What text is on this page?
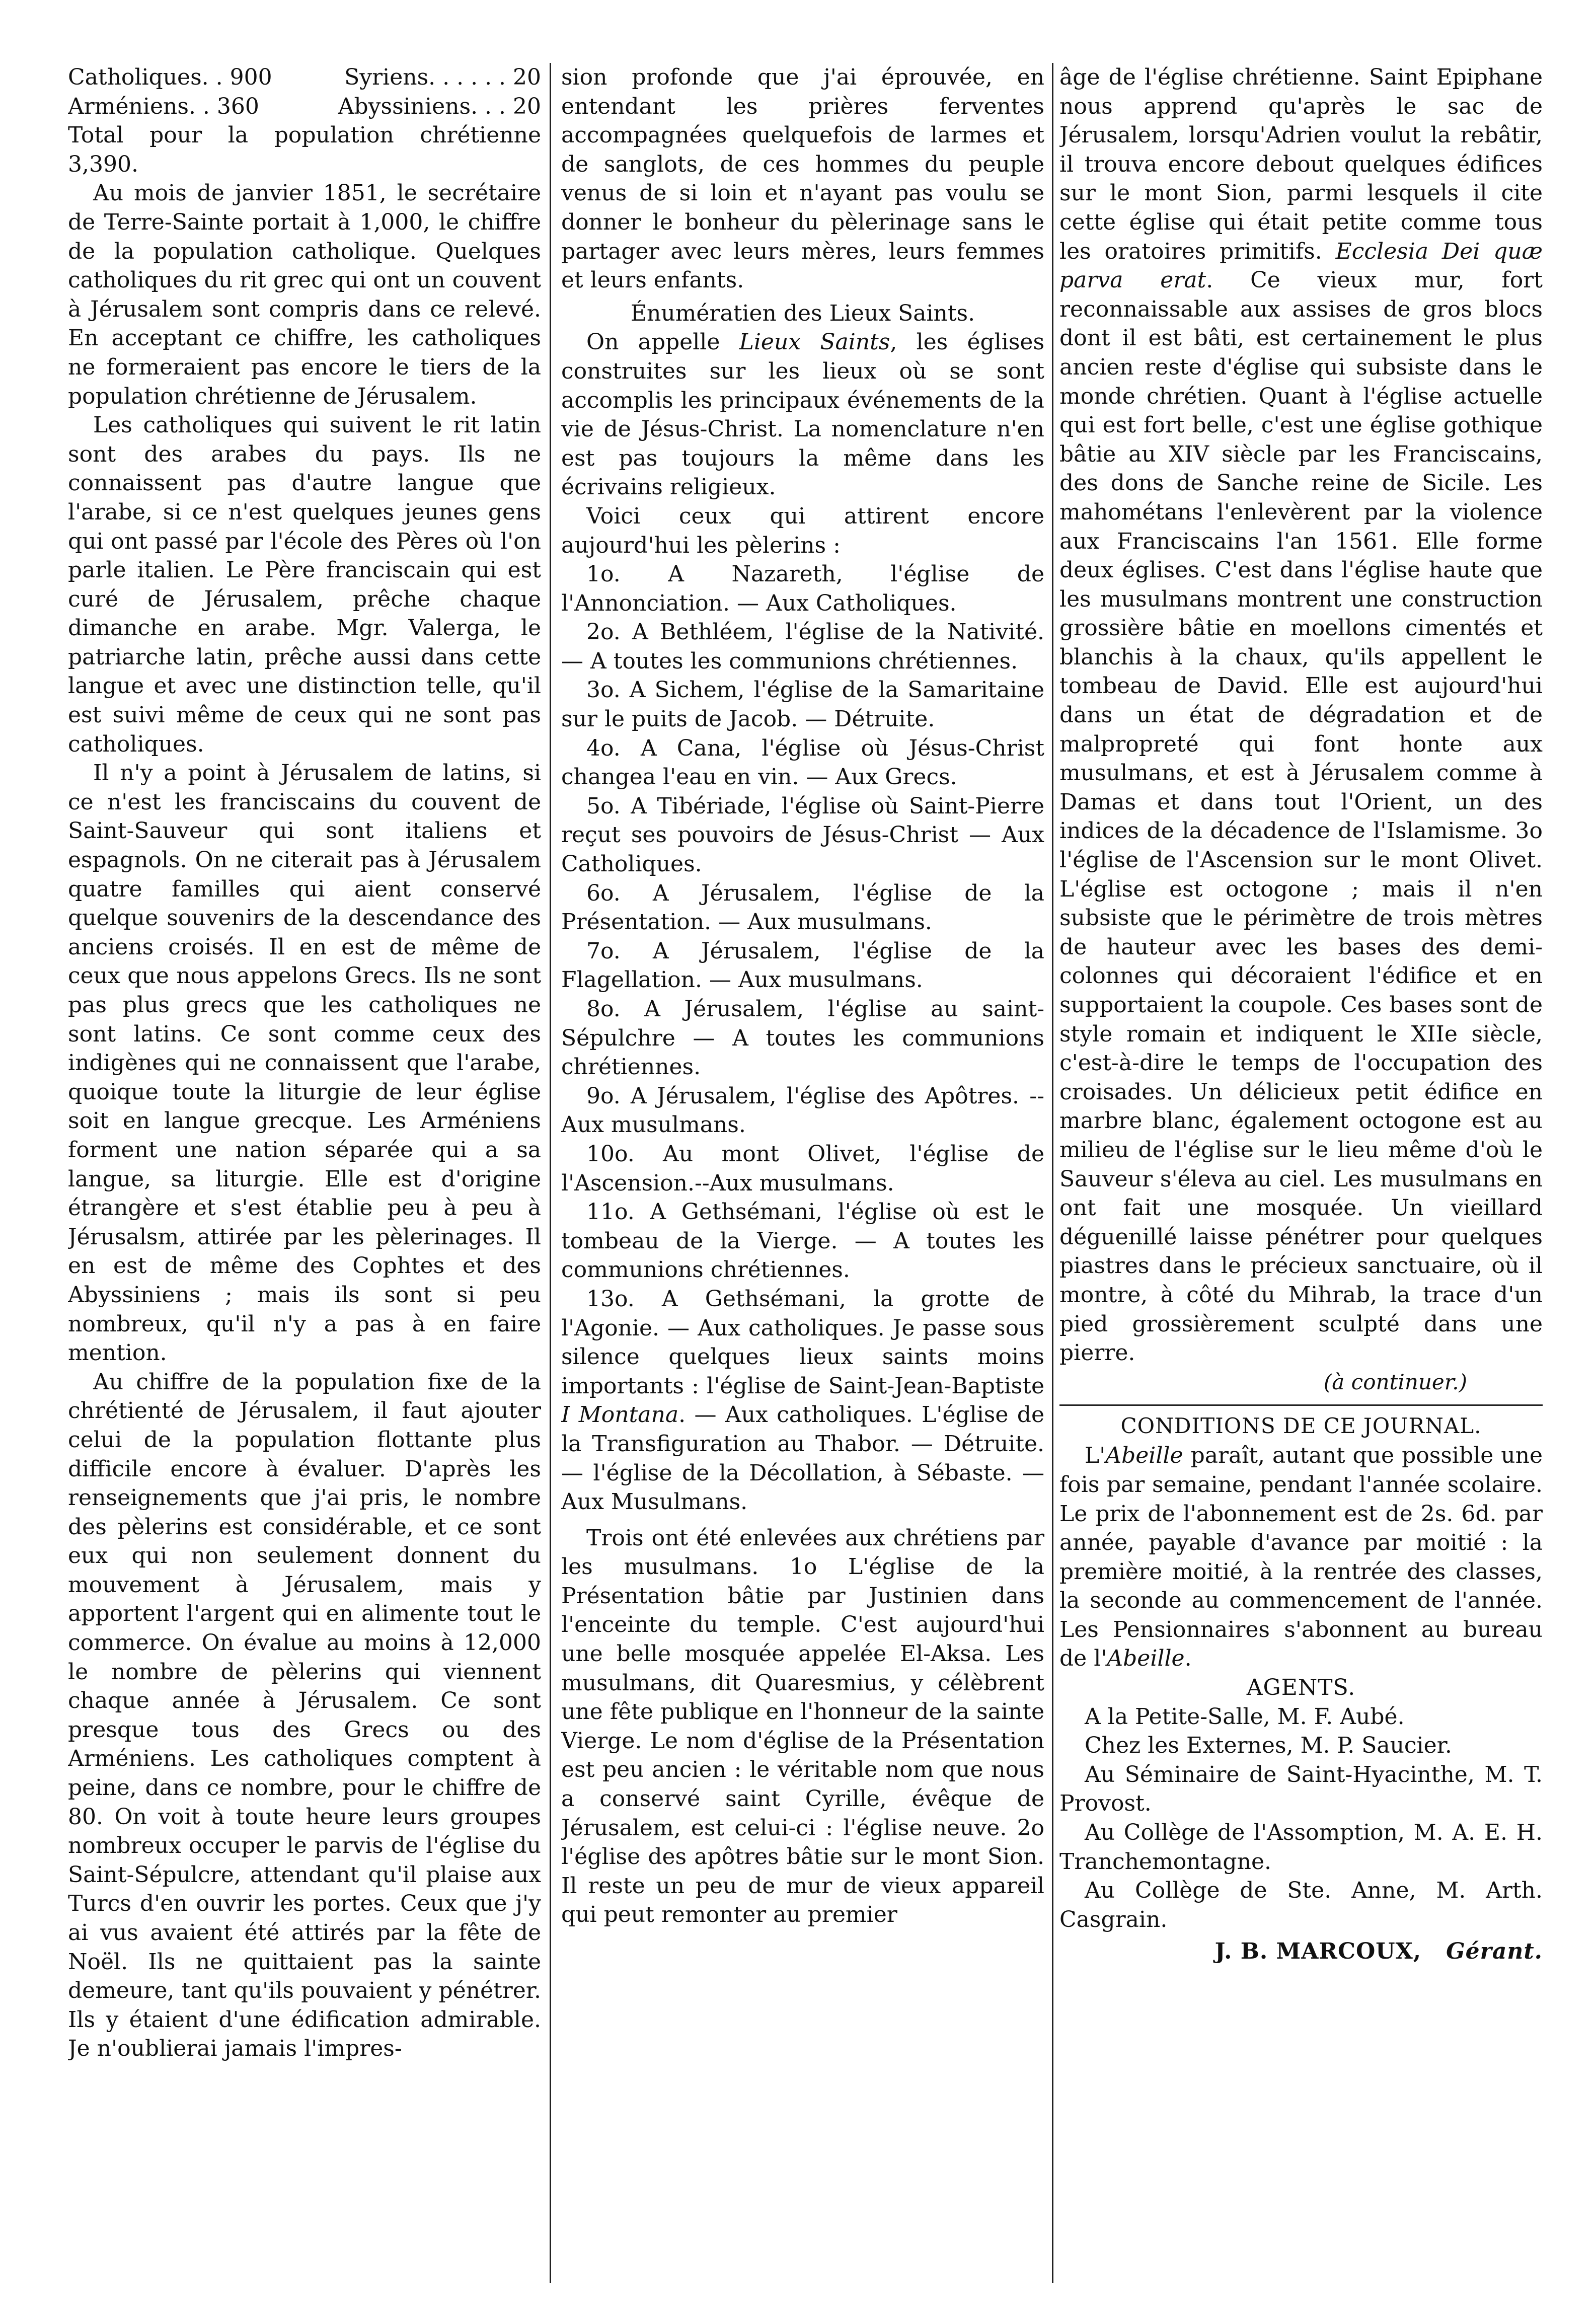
Catholiques. . 900	Syriens. . . . . . 20
Arméniens. . 360	Abyssiniens. . . 20

Total pour la population chrétienne 3,390.

Au mois de janvier 1851, le secrétaire de Terre-Sainte portait à 1,000, le chiffre de la population catholique. Quelques catholiques du rit grec qui ont un couvent à Jérusalem sont compris dans ce relevé. En acceptant ce chiffre, les catholiques ne formeraient pas encore le tiers de la population chrétienne de Jérusalem.

Les catholiques qui suivent le rit latin sont des arabes du pays. Ils ne connaissent pas d'autre langue que l'arabe, si ce n'est quelques jeunes gens qui ont passé par l'école des Pères où l'on parle italien. Le Père franciscain qui est curé de Jérusalem, prêche chaque dimanche en arabe. Mgr. Valerga, le patriarche latin, prêche aussi dans cette langue et avec une distinction telle, qu'il est suivi même de ceux qui ne sont pas catholiques.

Il n'y a point à Jérusalem de latins, si ce n'est les franciscains du couvent de Saint-Sauveur qui sont italiens et espagnols. On ne citerait pas à Jérusalem quatre familles qui aient conservé quelque souvenirs de la descendance des anciens croisés. Il en est de même de ceux que nous appelons Grecs. Ils ne sont pas plus grecs que les catholiques ne sont latins. Ce sont comme ceux des indigènes qui ne connaissent que l'arabe, quoique toute la liturgie de leur église soit en langue grecque. Les Arméniens forment une nation séparée qui a sa langue, sa liturgie. Elle est d'origine étrangère et s'est établie peu à peu à Jérusalsm, attirée par les pèlerinages. Il en est de même des Cophtes et des Abyssiniens ; mais ils sont si peu nombreux, qu'il n'y a pas à en faire mention.

Au chiffre de la population fixe de la chrétienté de Jérusalem, il faut ajouter celui de la population flottante plus difficile encore à évaluer. D'après les renseignements que j'ai pris, le nombre des pèlerins est considérable, et ce sont eux qui non seulement donnent du mouvement à Jérusalem, mais y apportent l'argent qui en alimente tout le commerce. On évalue au moins à 12,000 le nombre de pèlerins qui viennent chaque année à Jérusalem. Ce sont presque tous des Grecs ou des Arméniens. Les catholiques comptent à peine, dans ce nombre, pour le chiffre de 80. On voit à toute heure leurs groupes nombreux occuper le parvis de l'église du Saint-Sépulcre, attendant qu'il plaise aux Turcs d'en ouvrir les portes. Ceux que j'y ai vus avaient été attirés par la fête de Noël. Ils ne quittaient pas la sainte demeure, tant qu'ils pouvaient y pénétrer. Ils y étaient d'une édification admirable. Je n'oublierai jamais l'impres-

sion profonde que j'ai éprouvée, en entendant les prières ferventes accompagnées quelquefois de larmes et de sanglots, de ces hommes du peuple venus de si loin et n'ayant pas voulu se donner le bonheur du pèlerinage sans le partager avec leurs mères, leurs femmes et leurs enfants.

Énumératien des Lieux Saints.

On appelle Lieux Saints, les églises construites sur les lieux où se sont accomplis les principaux événements de la vie de Jésus-Christ. La nomenclature n'en est pas toujours la même dans les écrivains religieux.

Voici ceux qui attirent encore aujourd'hui les pèlerins :

1o. A Nazareth, l'église de l'Annonciation. — Aux Catholiques.

2o. A Bethléem, l'église de la Nativité. — A toutes les communions chrétiennes.

3o. A Sichem, l'église de la Samaritaine sur le puits de Jacob. — Détruite.

4o. A Cana, l'église où Jésus-Christ changea l'eau en vin. — Aux Grecs.

5o. A Tibériade, l'église où Saint-Pierre reçut ses pouvoirs de Jésus-Christ — Aux Catholiques.

6o. A Jérusalem, l'église de la Présentation. — Aux musulmans.

7o. A Jérusalem, l'église de la Flagellation. — Aux musulmans.

8o. A Jérusalem, l'église au saint-Sépulchre — A toutes les communions chrétiennes.

9o. A Jérusalem, l'église des Apôtres. --Aux musulmans.

10o. Au mont Olivet, l'église de l'Ascension.--Aux musulmans.

11o. A Gethsémani, l'église où est le tombeau de la Vierge. — A toutes les communions chrétiennes.

13o. A Gethsémani, la grotte de l'Agonie. — Aux catholiques. Je passe sous silence quelques lieux saints moins importants : l'église de Saint-Jean-Baptiste I Montana. — Aux catholiques. L'église de la Transfiguration au Thabor. — Détruite. — l'église de la Décollation, à Sébaste. — Aux Musulmans.

Trois ont été enlevées aux chrétiens par les musulmans. 1o L'église de la Présentation bâtie par Justinien dans l'enceinte du temple. C'est aujourd'hui une belle mosquée appelée El-Aksa. Les musulmans, dit Quaresmius, y célèbrent une fête publique en l'honneur de la sainte Vierge. Le nom d'église de la Présentation est peu ancien : le véritable nom que nous a conservé saint Cyrille, évêque de Jérusalem, est celui-ci : l'église neuve. 2o l'église des apôtres bâtie sur le mont Sion. Il reste un peu de mur de vieux appareil qui peut remonter au premier

âge de l'église chrétienne. Saint Epiphane nous apprend qu'après le sac de Jérusalem, lorsqu'Adrien voulut la rebâtir, il trouva encore debout quelques édifices sur le mont Sion, parmi lesquels il cite cette église qui était petite comme tous les oratoires primitifs. Ecclesia Dei quæ parva erat. Ce vieux mur, fort reconnaissable aux assises de gros blocs dont il est bâti, est certainement le plus ancien reste d'église qui subsiste dans le monde chrétien. Quant à l'église actuelle qui est fort belle, c'est une église gothique bâtie au XIV siècle par les Franciscains, des dons de Sanche reine de Sicile. Les mahométans l'enlevèrent par la violence aux Franciscains l'an 1561. Elle forme deux églises. C'est dans l'église haute que les musulmans montrent une construction grossière bâtie en moellons cimentés et blanchis à la chaux, qu'ils appellent le tombeau de David. Elle est aujourd'hui dans un état de dégradation et de malpropreté qui font honte aux musulmans, et est à Jérusalem comme à Damas et dans tout l'Orient, un des indices de la décadence de l'Islamisme. 3o l'église de l'Ascension sur le mont Olivet. L'église est octogone ; mais il n'en subsiste que le périmètre de trois mètres de hauteur avec les bases des demi-colonnes qui décoraient l'édifice et en supportaient la coupole. Ces bases sont de style romain et indiquent le XIIe siècle, c'est-à-dire le temps de l'occupation des croisades. Un délicieux petit édifice en marbre blanc, également octogone est au milieu de l'église sur le lieu même d'où le Sauveur s'éleva au ciel. Les musulmans en ont fait une mosquée. Un vieillard déguenillé laisse pénétrer pour quelques piastres dans le précieux sanctuaire, où il montre, à côté du Mihrab, la trace d'un pied grossièrement sculpté dans une pierre.

(à continuer.)
CONDITIONS DE CE JOURNAL.

L'Abeille paraît, autant que possible une fois par semaine, pendant l'année scolaire. Le prix de l'abonnement est de 2s. 6d. par année, payable d'avance par moitié : la première moitié, à la rentrée des classes, la seconde au commencement de l'année. Les Pensionnaires s'abonnent au bureau de l'Abeille.

AGENTS.

A la Petite-Salle, M. F. Aubé.

Chez les Externes, M. P. Saucier.

Au Séminaire de Saint-Hyacinthe, M. T. Provost.

Au Collège de l'Assomption, M. A. E. H. Tranchemontagne.

Au Collège de Ste. Anne, M. Arth. Casgrain.

J. B. MARCOUX, Gérant.
